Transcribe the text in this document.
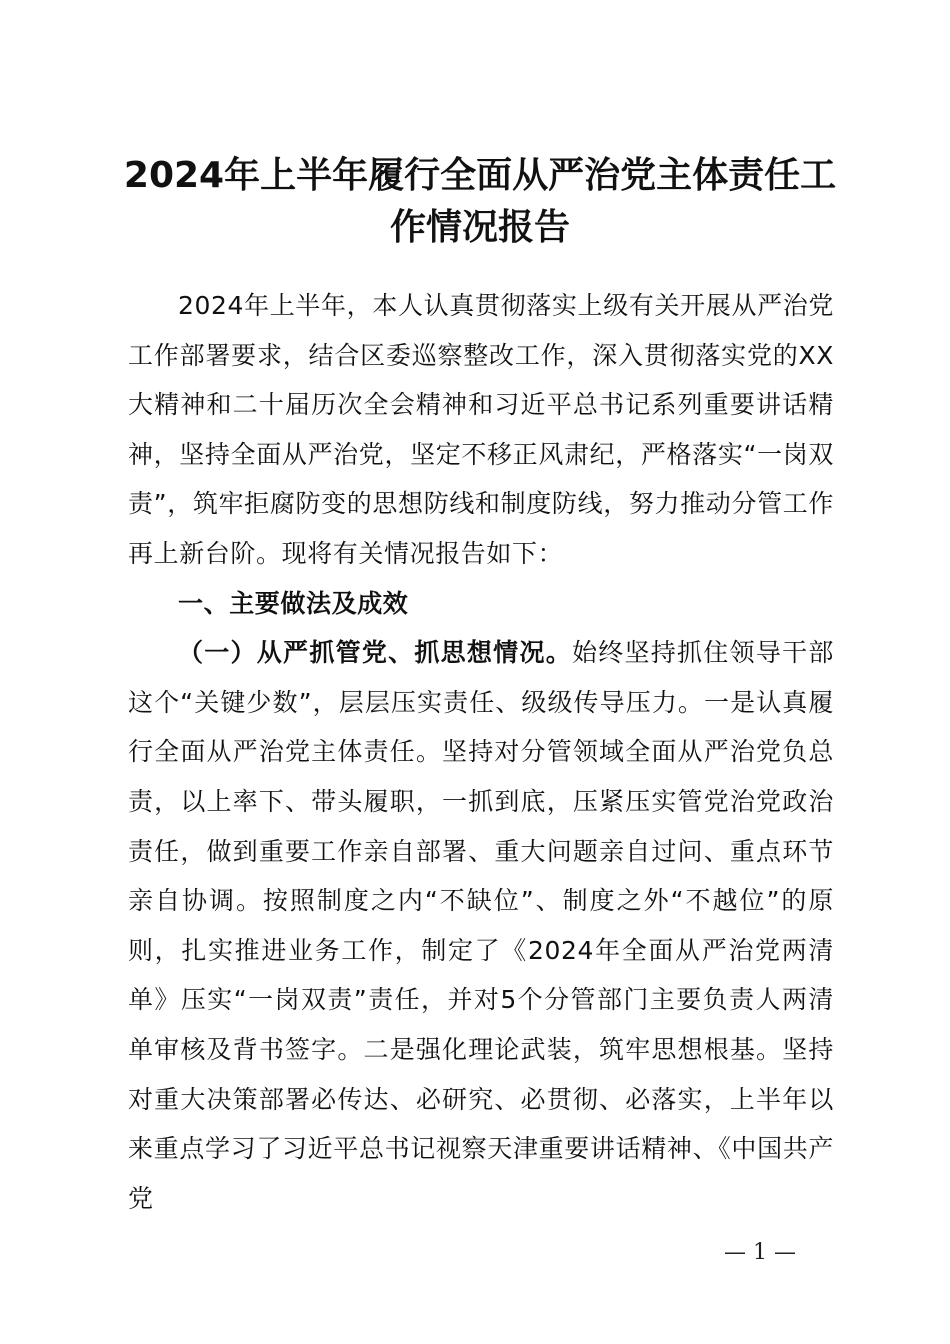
2024年上半年履行全面从严治党主体责任工作情况报告

2024年上半年，本人认真贯彻落实上级有关开展从严治党工作部署要求，结合区委巡察整改工作，深入贯彻落实党的XX大精神和二十届历次全会精神和习近平总书记系列重要讲话精神，坚持全面从严治党，坚定不移正风肃纪，严格落实“一岗双责”，筑牢拒腐防变的思想防线和制度防线，努力推动分管工作再上新台阶。现将有关情况报告如下：

一、主要做法及成效

（一）从严抓管党、抓思想情况。始终坚持抓住领导干部这个“关键少数”，层层压实责任、级级传导压力。一是认真履行全面从严治党主体责任。坚持对分管领域全面从严治党负总责，以上率下、带头履职，一抓到底，压紧压实管党治党政治责任，做到重要工作亲自部署、重大问题亲自过问、重点环节亲自协调。按照制度之内“不缺位”、制度之外“不越位”的原则，扎实推进业务工作，制定了《2024年全面从严治党两清单》压实“一岗双责”责任，并对5个分管部门主要负责人两清单审核及背书签字。二是强化理论武装，筑牢思想根基。坚持对重大决策部署必传达、必研究、必贯彻、必落实，上半年以来重点学习了习近平总书记视察天津重要讲话精神、《中国共产党

— 1 —
